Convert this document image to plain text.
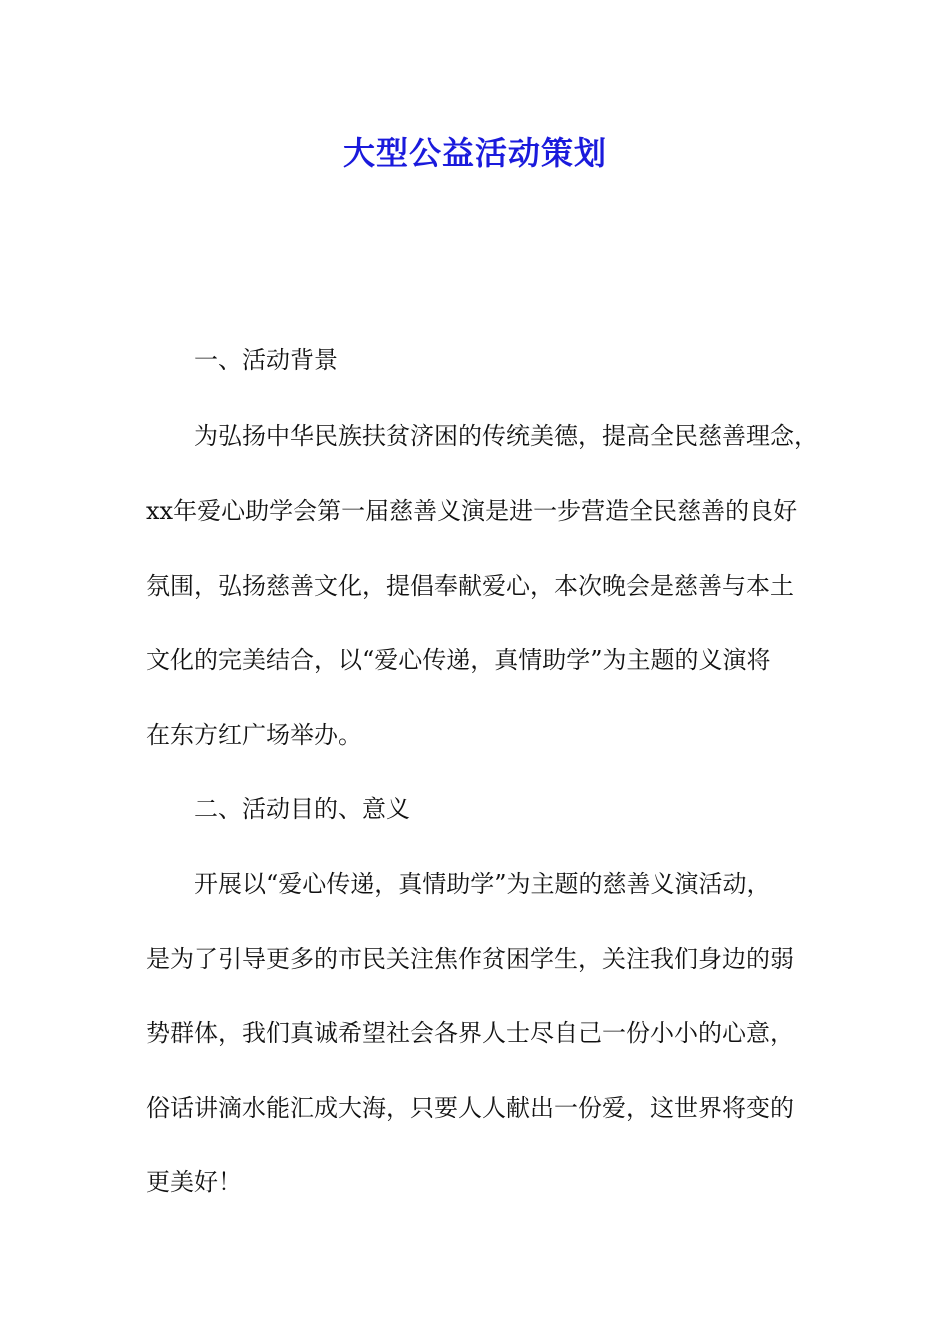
大型公益活动策划
一、活动背景
为弘扬中华民族扶贫济困的传统美德，提高全民慈善理念，
xx年爱心助学会第一届慈善义演是进一步营造全民慈善的良好
氛围，弘扬慈善文化，提倡奉献爱心，本次晚会是慈善与本土
文化的完美结合，以“爱心传递，真情助学”为主题的义演将
在东方红广场举办。
二、活动目的、意义
开展以“爱心传递，真情助学”为主题的慈善义演活动，
是为了引导更多的市民关注焦作贫困学生，关注我们身边的弱
势群体，我们真诚希望社会各界人士尽自己一份小小的心意，
俗话讲滴水能汇成大海，只要人人献出一份爱，这世界将变的
更美好！
